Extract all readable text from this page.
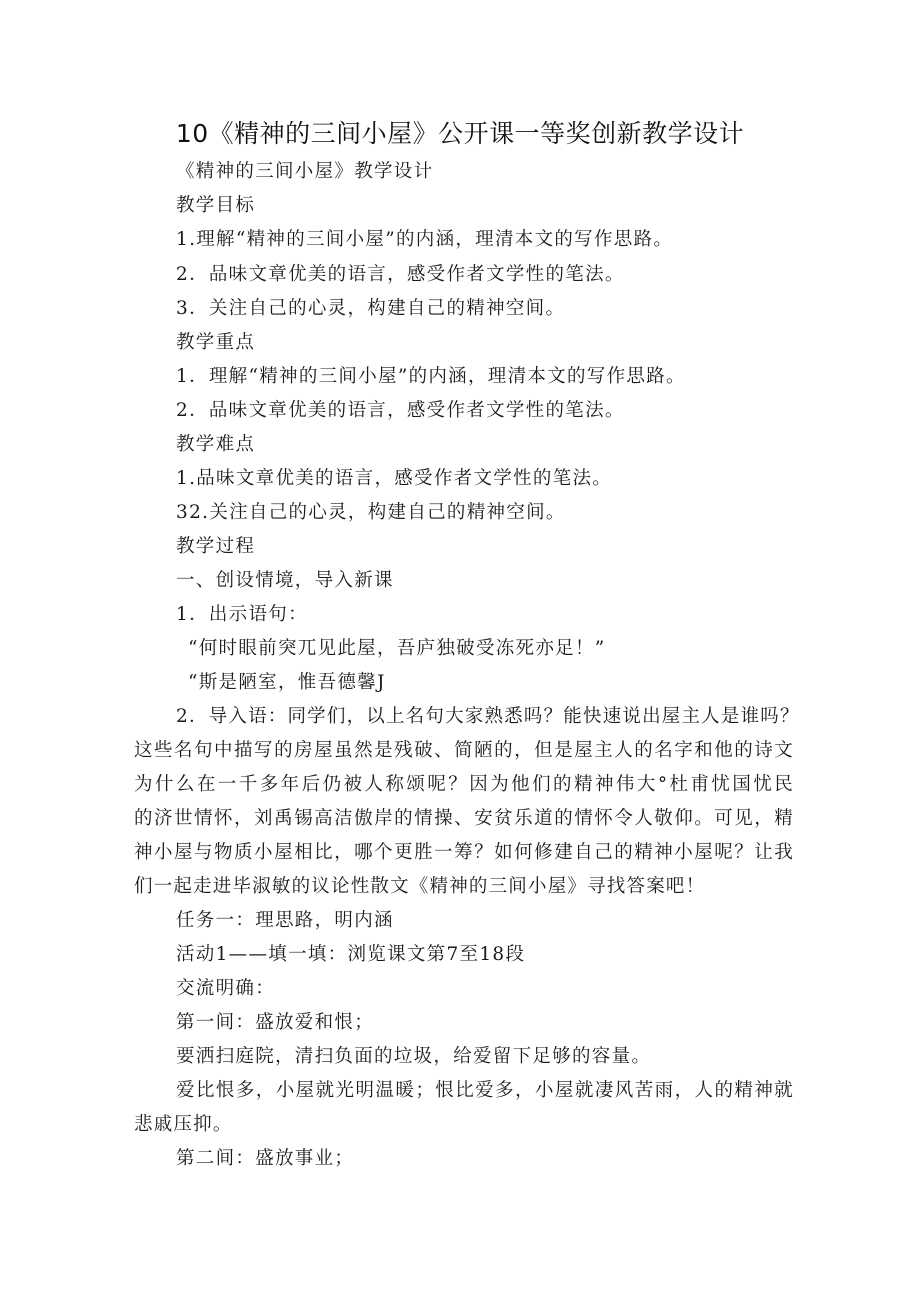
10《精神的三间小屋》公开课一等奖创新教学设计
《精神的三间小屋》教学设计
教学目标
1.理解“精神的三间小屋”的内涵，理清本文的写作思路。
2．品味文章优美的语言，感受作者文学性的笔法。
3．关注自己的心灵，构建自己的精神空间。
教学重点
1．理解“精神的三间小屋”的内涵，理清本文的写作思路。
2．品味文章优美的语言，感受作者文学性的笔法。
教学难点
1.品味文章优美的语言，感受作者文学性的笔法。
32.关注自己的心灵，构建自己的精神空间。
教学过程
一、创设情境，导入新课
1．出示语句：
“何时眼前突兀见此屋，吾庐独破受冻死亦足！”
“斯是陋室，惟吾德馨J
2．导入语：同学们，以上名句大家熟悉吗？能快速说出屋主人是谁吗？
这些名句中描写的房屋虽然是残破、简陋的，但是屋主人的名字和他的诗文
为什么在一千多年后仍被人称颂呢？因为他们的精神伟大°杜甫忧国忧民
的济世情怀，刘禹锡高洁傲岸的情操、安贫乐道的情怀令人敬仰。可见，精
神小屋与物质小屋相比，哪个更胜一筹？如何修建自己的精神小屋呢？让我
们一起走进毕淑敏的议论性散文《精神的三间小屋》寻找答案吧！
任务一：理思路，明内涵
活动1——填一填：浏览课文第7至18段
交流明确：
第一间：盛放爱和恨；
要洒扫庭院，清扫负面的垃圾，给爱留下足够的容量。
爱比恨多，小屋就光明温暖；恨比爱多，小屋就凄风苦雨，人的精神就
悲戚压抑。
第二间：盛放事业；
